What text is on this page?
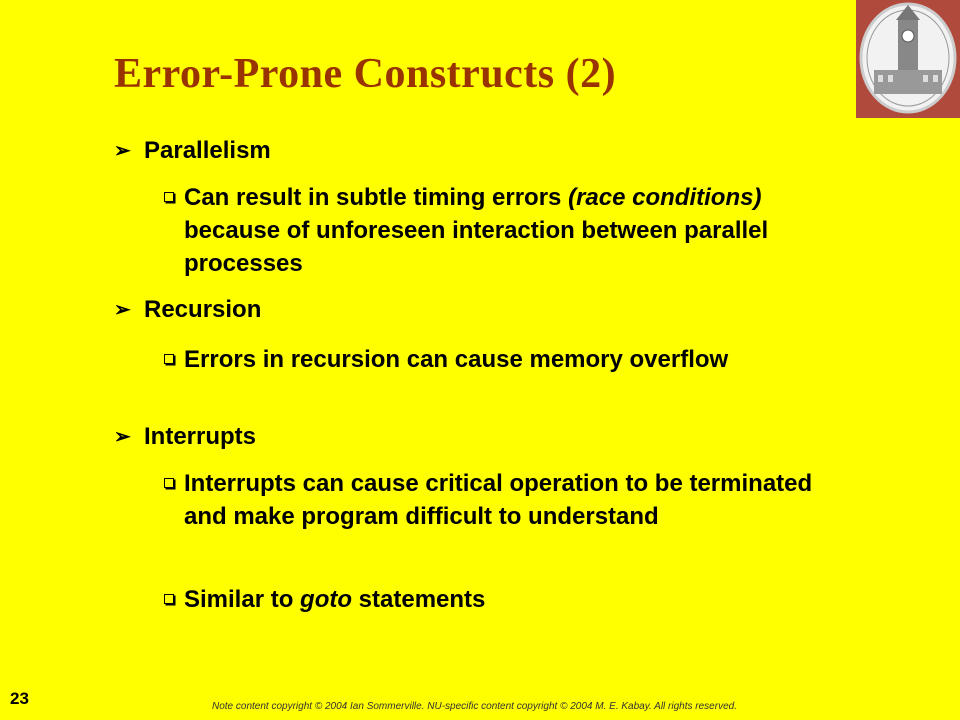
Error-Prone Constructs (2)
➢ Parallelism
Can result in subtle timing errors (race conditions) because of unforeseen interaction between parallel processes
➢ Recursion
Errors in recursion can cause memory overflow
➢ Interrupts
Interrupts can cause critical operation to be terminated and make program difficult to understand
Similar to goto statements
23	Note content copyright © 2004 Ian Sommerville. NU-specific content copyright © 2004 M. E. Kabay. All rights reserved.
